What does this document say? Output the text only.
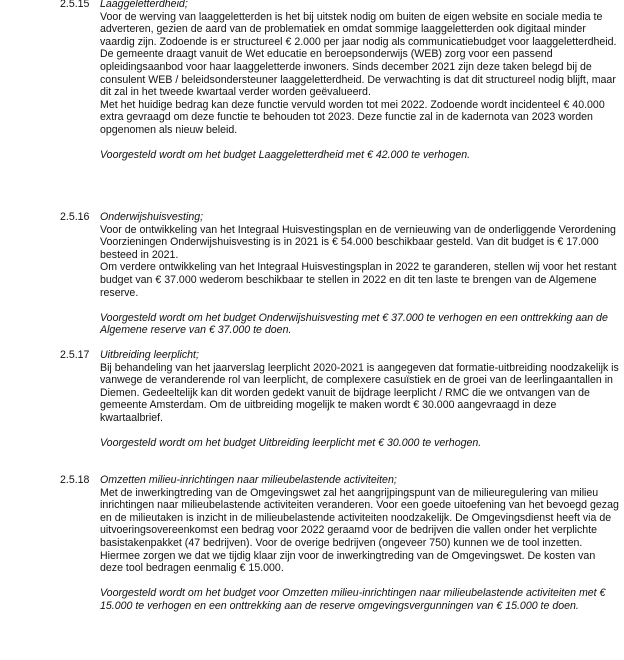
2.5.15 Laaggeletterdheid;

Voor de werving van laaggeletterden is het bij uitstek nodig om buiten de eigen website en sociale media te adverteren, gezien de aard van de problematiek en omdat sommige laaggeletterden ook digitaal minder vaardig zijn. Zodoende is er structureel € 2.000 per jaar nodig als communicatiebudget voor laaggeletterdheid.

De gemeente draagt vanuit de Wet educatie en beroepsonderwijs (WEB) zorg voor een passend opleidingsaanbod voor haar laaggeletterde inwoners. Sinds december 2021 zijn deze taken belegd bij de consulent WEB / beleidsondersteuner laaggeletterdheid. De verwachting is dat dit structureel nodig blijft, maar dit zal in het tweede kwartaal verder worden geëvalueerd.

Met het huidige bedrag kan deze functie vervuld worden tot mei 2022. Zodoende wordt incidenteel € 40.000 extra gevraagd om deze functie te behouden tot 2023. Deze functie zal in de kadernota van 2023 worden opgenomen als nieuw beleid.

Voorgesteld wordt om het budget Laaggeletterdheid met € 42.000 te verhogen.

2.5.16 Onderwijshuisvesting;

Voor de ontwikkeling van het Integraal Huisvestingsplan en de vernieuwing van de onderliggende Verordening Voorzieningen Onderwijshuisvesting is in 2021 is € 54.000 beschikbaar gesteld. Van dit budget is € 17.000 besteed in 2021.

Om verdere ontwikkeling van het Integraal Huisvestingsplan in 2022 te garanderen, stellen wij voor het restant budget van € 37.000 wederom beschikbaar te stellen in 2022 en dit ten laste te brengen van de Algemene reserve.

Voorgesteld wordt om het budget Onderwijshuisvesting met € 37.000 te verhogen en een onttrekking aan de Algemene reserve van € 37.000 te doen.

2.5.17 Uitbreiding leerplicht;

Bij behandeling van het jaarverslag leerplicht 2020-2021 is aangegeven dat formatie-uitbreiding noodzakelijk is vanwege de veranderende rol van leerplicht, de complexere casuïstiek en de groei van de leerlingaantallen in Diemen. Gedeeltelijk kan dit worden gedekt vanuit de bijdrage leerplicht / RMC die we ontvangen van de gemeente Amsterdam. Om de uitbreiding mogelijk te maken wordt € 30.000 aangevraagd in deze kwartaalbrief.

Voorgesteld wordt om het budget Uitbreiding leerplicht met € 30.000 te verhogen.

2.5.18 Omzetten milieu-inrichtingen naar milieubelastende activiteiten;

Met de inwerkingtreding van de Omgevingswet zal het aangrijpingspunt van de milieuregulering van milieu inrichtingen naar milieubelastende activiteiten veranderen. Voor een goede uitoefening van het bevoegd gezag en de milieutaken is inzicht in de milieubelastende activiteiten noodzakelijk. De Omgevingsdienst heeft via de uitvoeringsovereenkomst een bedrag voor 2022 geraamd voor de bedrijven die vallen onder het verplichte basistakenpakket (47 bedrijven). Voor de overige bedrijven (ongeveer 750) kunnen we de tool inzetten. Hiermee zorgen we dat we tijdig klaar zijn voor de inwerkingtreding van de Omgevingswet. De kosten van deze tool bedragen eenmalig € 15.000.

Voorgesteld wordt om het budget voor Omzetten milieu-inrichtingen naar milieubelastende activiteiten met € 15.000 te verhogen en een onttrekking aan de reserve omgevingsvergunningen van € 15.000 te doen.
